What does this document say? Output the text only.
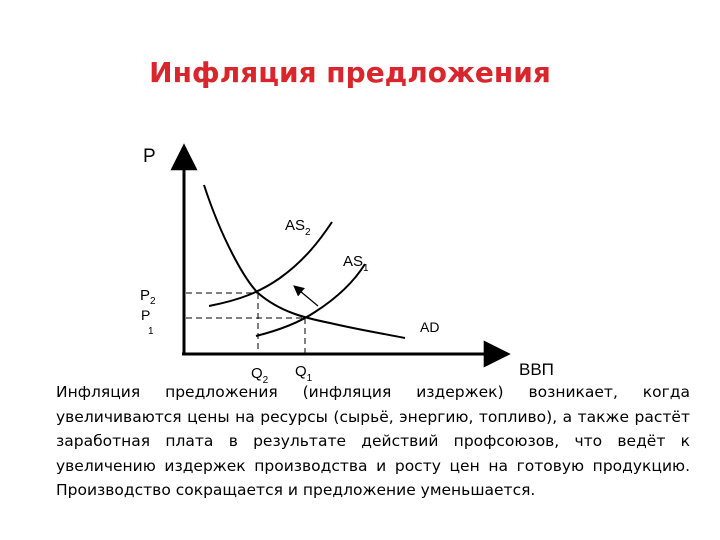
Инфляция предложения
P
ВВП
$AS_2$
$AS_1$
AD
$P_2$
P 1
$Q_2$
$Q_1$
Инфляция предложения (инфляция издержек) возникает, когда увеличиваются цены на ресурсы (сырьё, энергию, топливо), а также растёт заработная плата в результате действий профсоюзов, что ведёт к увеличению издержек производства и росту цен на готовую продукцию. Производство сокращается и предложение уменьшается.
